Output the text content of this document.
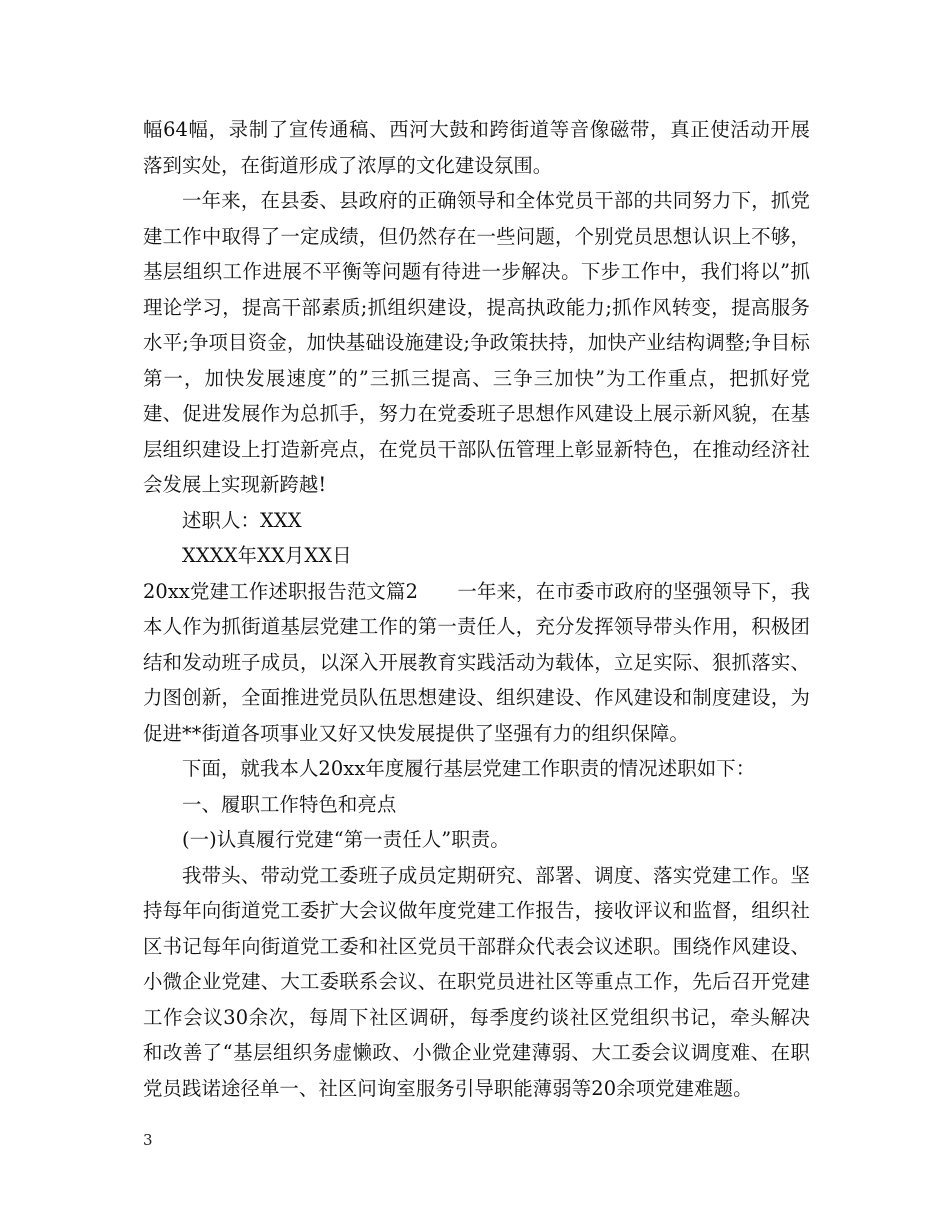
幅64幅，录制了宣传通稿、西河大鼓和跨街道等音像磁带，真正使活动开展落到实处，在街道形成了浓厚的文化建设氛围。

一年来，在县委、县政府的正确领导和全体党员干部的共同努力下，抓党建工作中取得了一定成绩，但仍然存在一些问题，个别党员思想认识上不够，基层组织工作进展不平衡等问题有待进一步解决。下步工作中，我们将以”抓理论学习，提高干部素质;抓组织建设，提高执政能力;抓作风转变，提高服务水平;争项目资金，加快基础设施建设;争政策扶持，加快产业结构调整;争目标第一，加快发展速度”的”三抓三提高、三争三加快”为工作重点，把抓好党建、促进发展作为总抓手，努力在党委班子思想作风建设上展示新风貌，在基层组织建设上打造新亮点，在党员干部队伍管理上彰显新特色，在推动经济社会发展上实现新跨越!

述职人：XXX

XXXX年XX月XX日

20xx党建工作述职报告范文篇2　　一年来，在市委市政府的坚强领导下，我本人作为抓街道基层党建工作的第一责任人，充分发挥领导带头作用，积极团结和发动班子成员，以深入开展教育实践活动为载体，立足实际、狠抓落实、力图创新，全面推进党员队伍思想建设、组织建设、作风建设和制度建设，为促进**街道各项事业又好又快发展提供了坚强有力的组织保障。

下面，就我本人20xx年度履行基层党建工作职责的情况述职如下：

一、履职工作特色和亮点

(一)认真履行党建“第一责任人”职责。

我带头、带动党工委班子成员定期研究、部署、调度、落实党建工作。坚持每年向街道党工委扩大会议做年度党建工作报告，接收评议和监督，组织社区书记每年向街道党工委和社区党员干部群众代表会议述职。围绕作风建设、小微企业党建、大工委联系会议、在职党员进社区等重点工作，先后召开党建工作会议30余次，每周下社区调研，每季度约谈社区党组织书记，牵头解决和改善了“基层组织务虚懒政、小微企业党建薄弱、大工委会议调度难、在职党员践诺途径单一、社区问询室服务引导职能薄弱等20余项党建难题。

3
